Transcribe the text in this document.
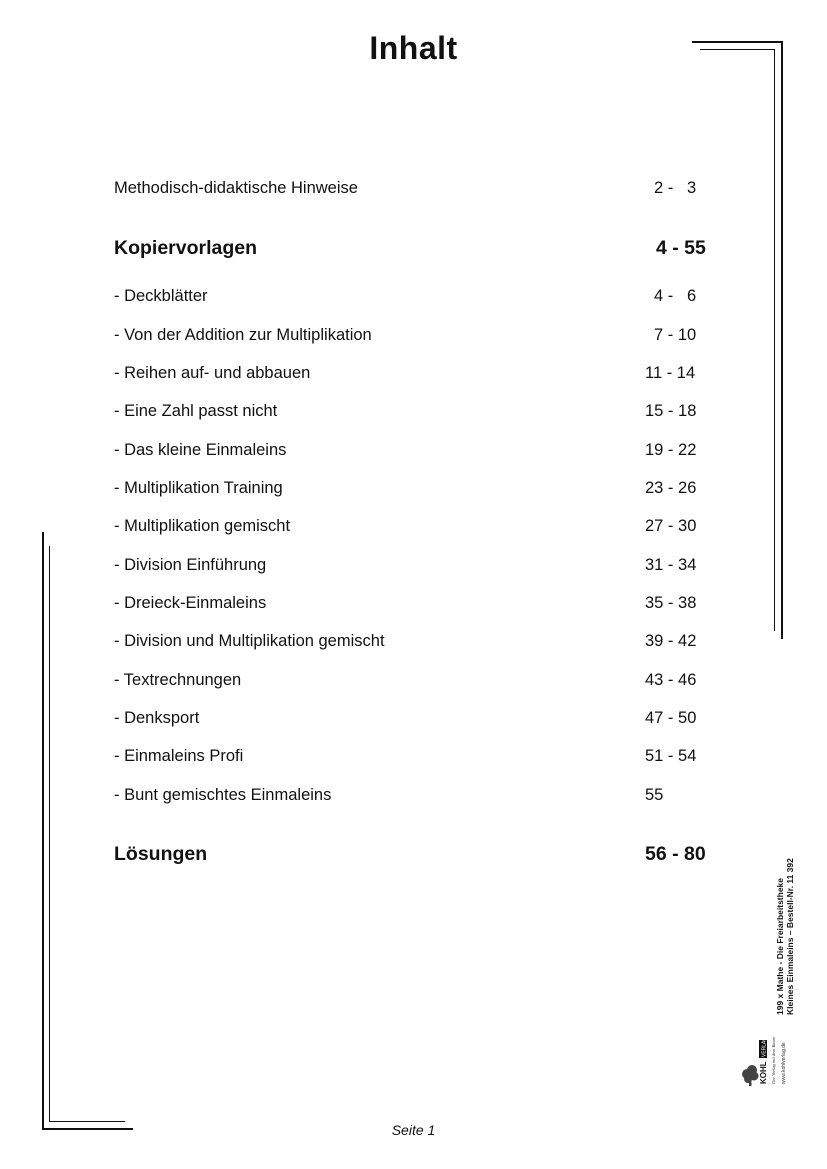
Inhalt
Methodisch-didaktische Hinweise	2 -   3
Kopiervorlagen	4 - 55
- Deckblätter	4 -   6
- Von der Addition zur Multiplikation	7 - 10
- Reihen auf- und abbauen	11 - 14
- Eine Zahl passt nicht	15 - 18
- Das kleine Einmaleins	19 - 22
- Multiplikation Training	23 - 26
- Multiplikation gemischt	27 - 30
- Division Einführung	31 - 34
- Dreieck-Einmaleins	35 - 38
- Division und Multiplikation gemischt	39 - 42
- Textrechnungen	43 - 46
- Denksport	47 - 50
- Einmaleins Profi	51 - 54
- Bunt gemischtes Einmaleins	55
Lösungen	56 - 80
199 x Mathe - Die Freiarbeitstheke Kleines Einmaleins – Bestell-Nr. 11 392
KOHL
VERLAG Der Verlag mit dem Baum www.kohlverlag.de
Seite 1
